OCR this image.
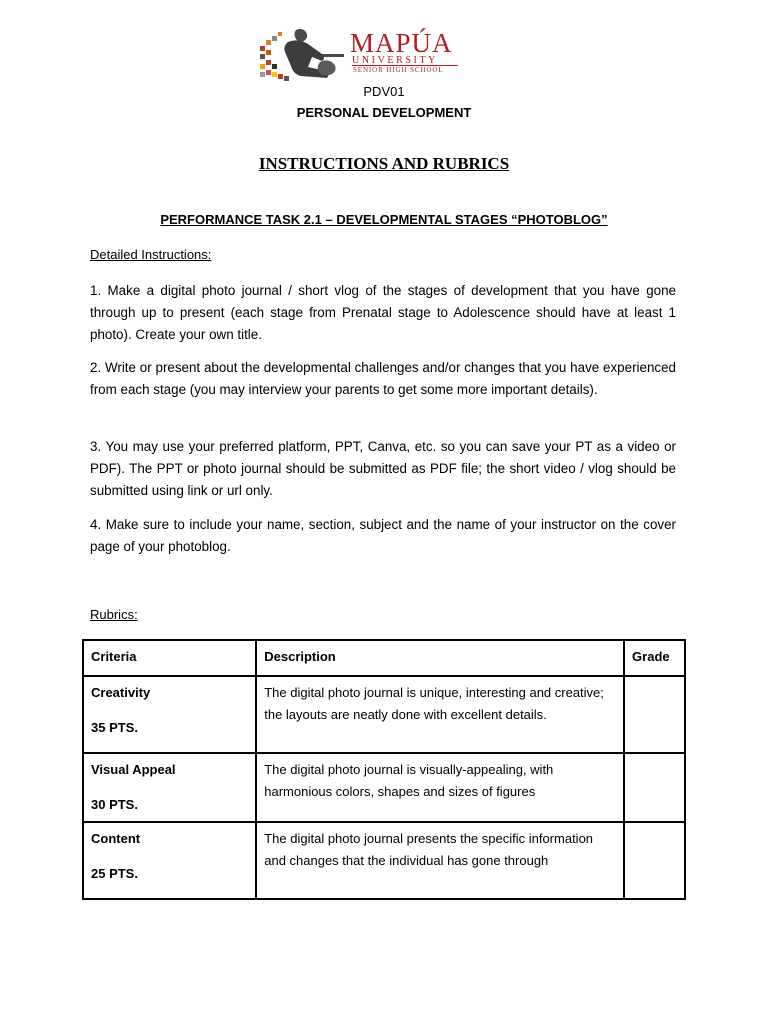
MAPÚA
UNIVERSITY
SENIOR HIGH SCHOOL
PDV01
PERSONAL DEVELOPMENT
INSTRUCTIONS AND RUBRICS
PERFORMANCE TASK 2.1 – DEVELOPMENTAL STAGES “PHOTOBLOG”
Detailed Instructions:

1. Make a digital photo journal / short vlog of the stages of development that you have gone through up to present (each stage from Prenatal stage to Adolescence should have at least 1 photo). Create your own title.

2. Write or present about the developmental challenges and/or changes that you have experienced from each stage (you may interview your parents to get some more important details).

3. You may use your preferred platform, PPT, Canva, etc. so you can save your PT as a video or PDF). The PPT or photo journal should be submitted as PDF file; the short video / vlog should be submitted using link or url only.

4. Make sure to include your name, section, subject and the name of your instructor on the cover page of your photoblog.

Rubrics:
Criteria	Description	Grade
Creativity
35 PTS.	The digital photo journal is unique, interesting and creative; the layouts are neatly done with excellent details.	
Visual Appeal
30 PTS.	The digital photo journal is visually-appealing, with harmonious colors, shapes and sizes of figures	
Content
25 PTS.	The digital photo journal presents the specific information and changes that the individual has gone through	
